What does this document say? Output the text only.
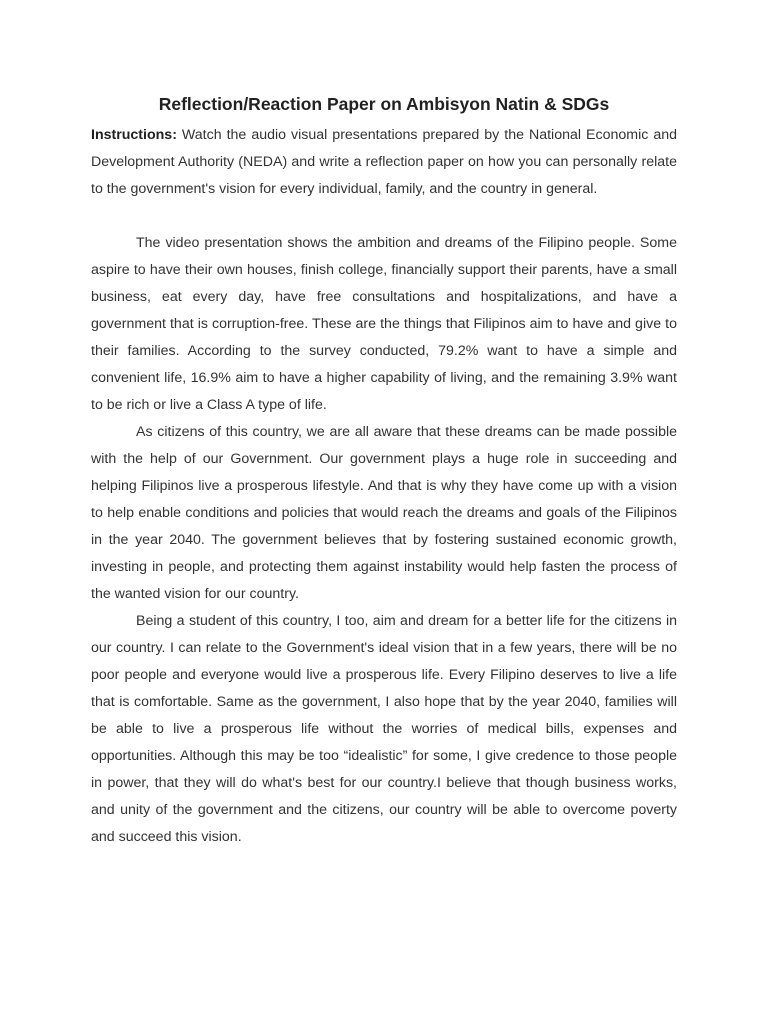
Reflection/Reaction Paper on Ambisyon Natin & SDGs

Instructions: Watch the audio visual presentations prepared by the National Economic and Development Authority (NEDA) and write a reflection paper on how you can personally relate to the government's vision for every individual, family, and the country in general.

The video presentation shows the ambition and dreams of the Filipino people. Some aspire to have their own houses, finish college, financially support their parents, have a small business, eat every day, have free consultations and hospitalizations, and have a government that is corruption-free. These are the things that Filipinos aim to have and give to their families. According to the survey conducted, 79.2% want to have a simple and convenient life, 16.9% aim to have a higher capability of living, and the remaining 3.9% want to be rich or live a Class A type of life.

As citizens of this country, we are all aware that these dreams can be made possible with the help of our Government. Our government plays a huge role in succeeding and helping Filipinos live a prosperous lifestyle. And that is why they have come up with a vision to help enable conditions and policies that would reach the dreams and goals of the Filipinos in the year 2040. The government believes that by fostering sustained economic growth, investing in people, and protecting them against instability would help fasten the process of the wanted vision for our country.

Being a student of this country, I too, aim and dream for a better life for the citizens in our country. I can relate to the Government's ideal vision that in a few years, there will be no poor people and everyone would live a prosperous life. Every Filipino deserves to live a life that is comfortable. Same as the government, I also hope that by the year 2040, families will be able to live a prosperous life without the worries of medical bills, expenses and opportunities. Although this may be too “idealistic” for some, I give credence to those people in power, that they will do what's best for our country.I believe that though business works, and unity of the government and the citizens, our country will be able to overcome poverty and succeed this vision.
